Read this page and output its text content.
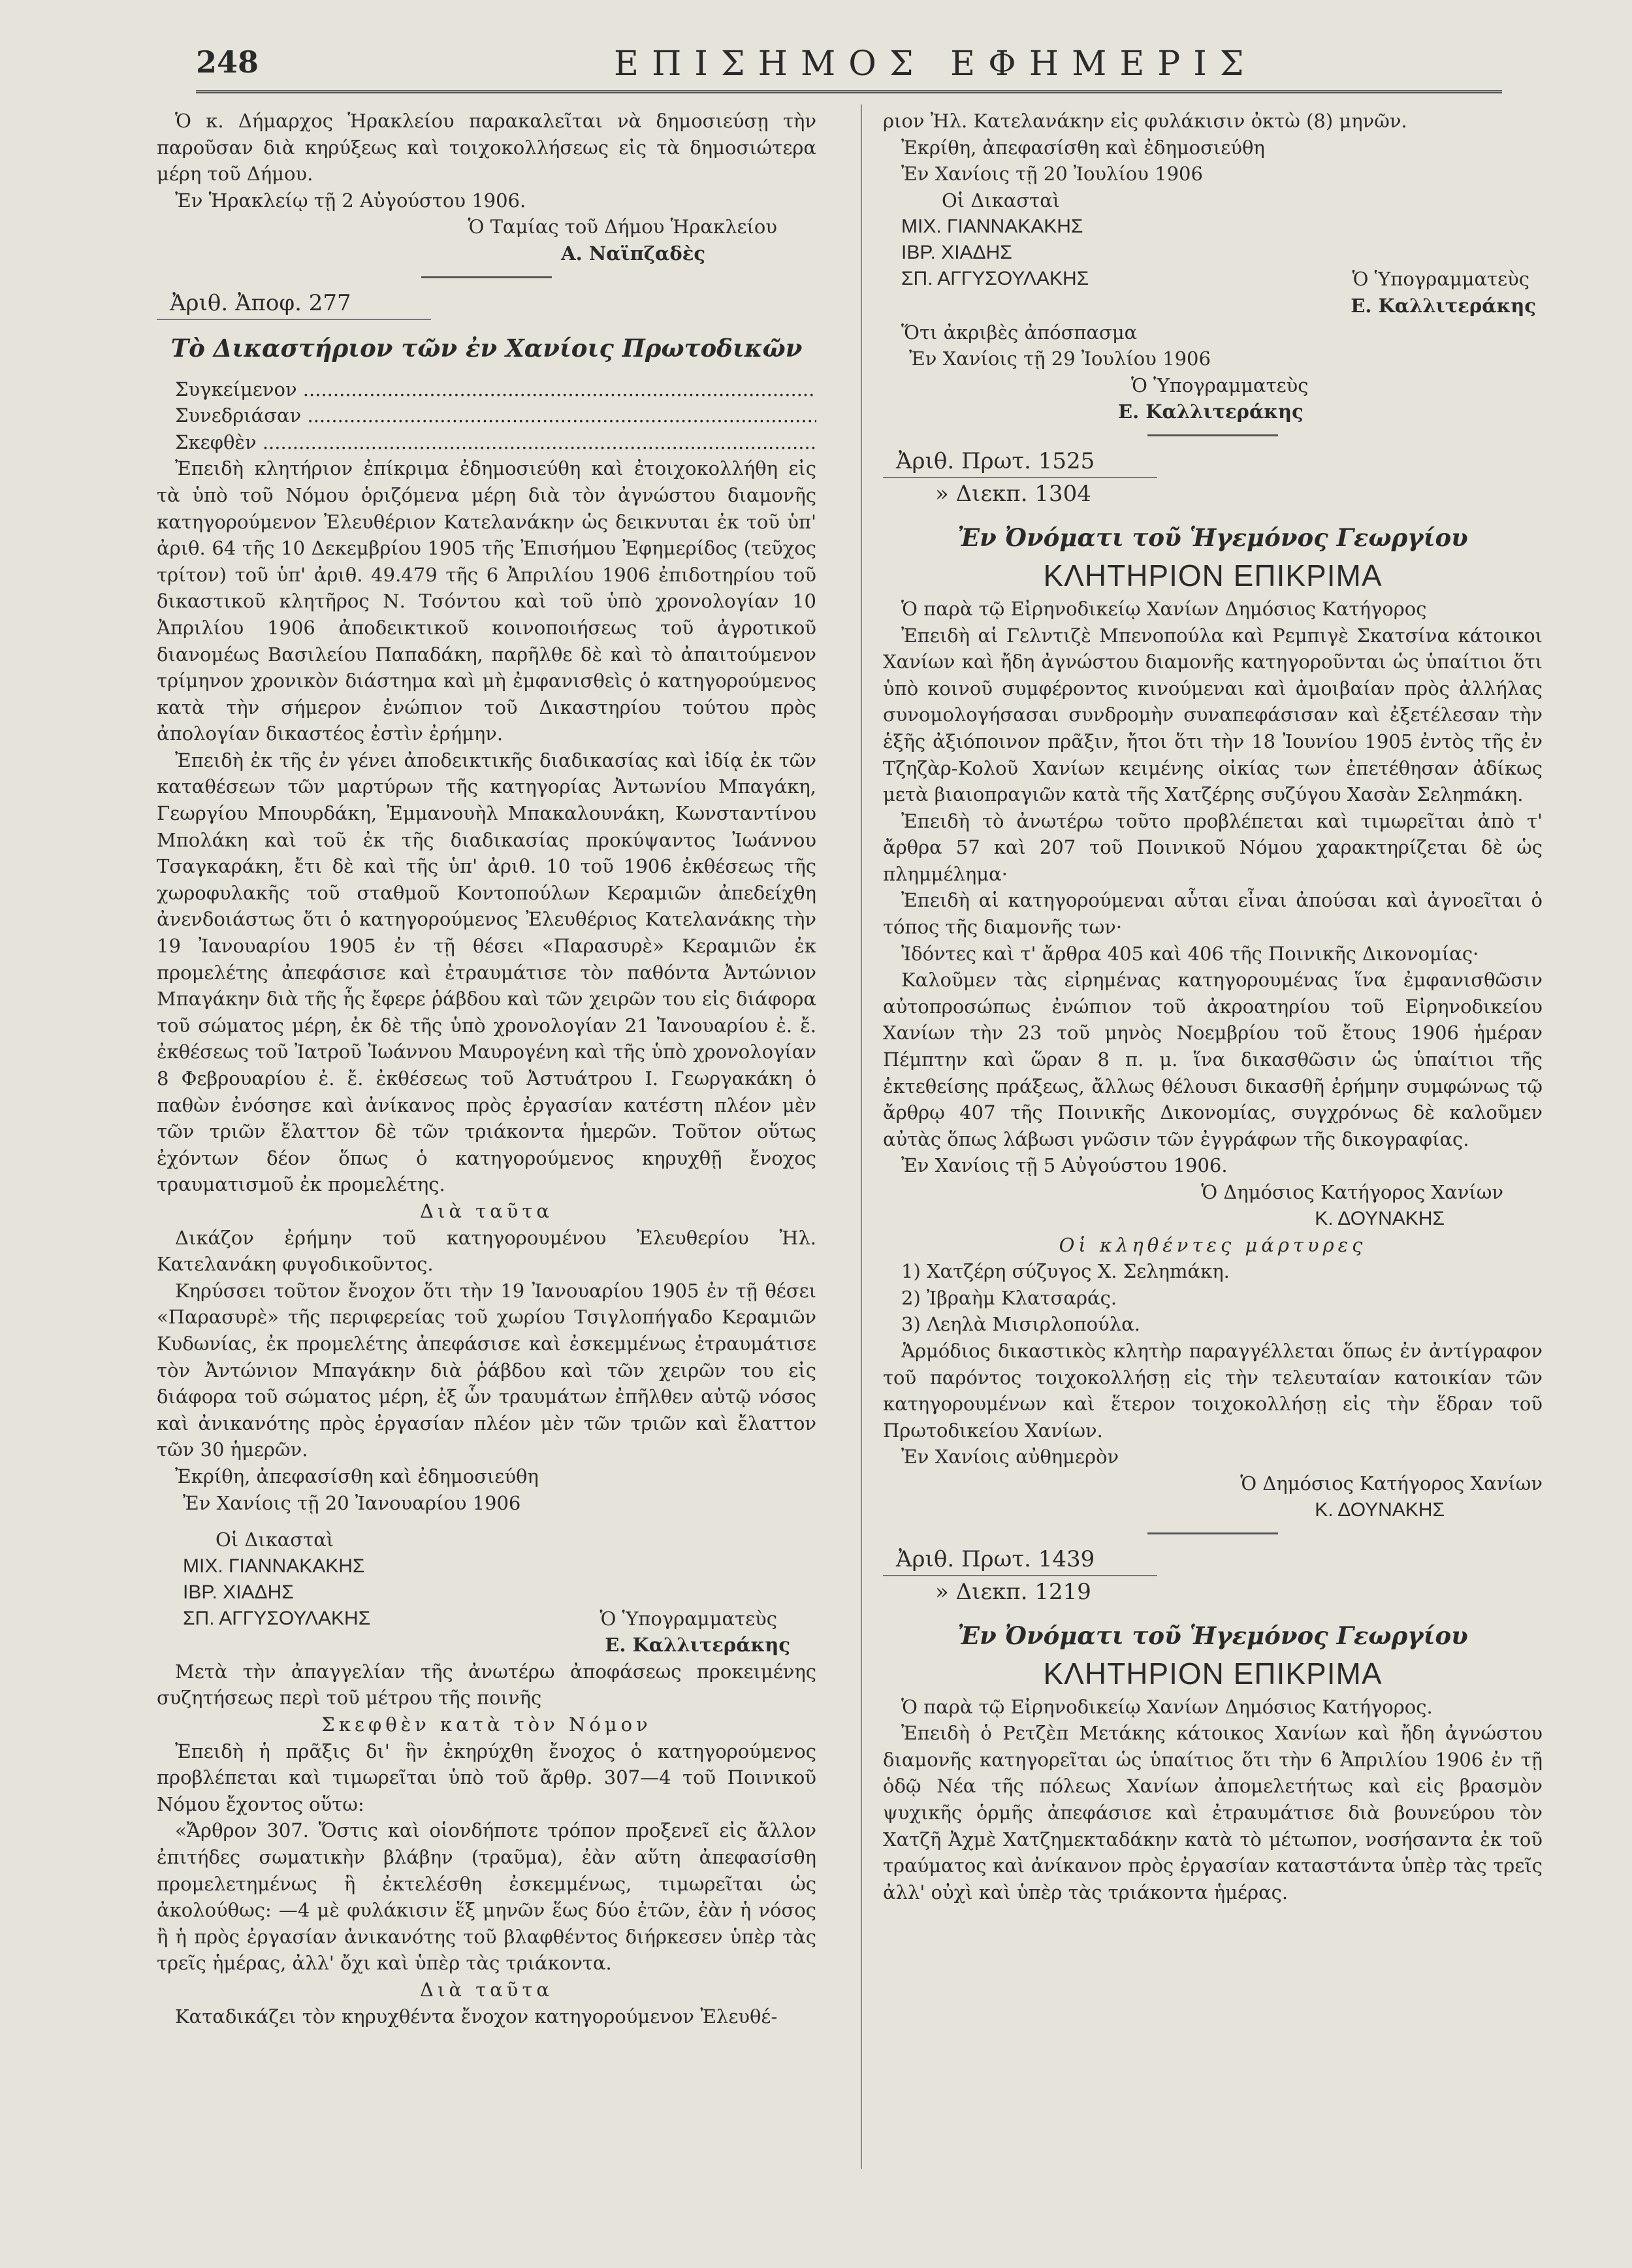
248	ΕΠΙΣΗΜΟΣ ΕΦΗΜΕΡΙΣ

Ὁ κ. Δήμαρχος Ἡρακλείου παρακαλεῖται νὰ δημοσιεύσῃ τὴν παροῦσαν διὰ κηρύξεως καὶ τοιχοκολλήσεως εἰς τὰ δημοσιώτερα μέρη τοῦ Δήμου.

Ἐν Ἡρακλείῳ τῇ 2 Αὐγούστου 1906.

Ὁ Ταμίας τοῦ Δήμου Ἡρακλείου

Α. Ναϊπζαδὲς

Ἀριθ. Ἀποφ. 277

Τὸ Δικαστήριον τῶν ἐν Χανίοις Πρωτοδικῶν

Συγκείμενον .....

Συνεδριάσαν .....

Σκεφθὲν .....

Ἐπειδὴ κλητήριον ἐπίκριμα ἐδημοσιεύθη καὶ ἐτοιχοκολλήθη εἰς τὰ ὑπὸ τοῦ Νόμου ὁριζόμενα μέρη διὰ τὸν ἀγνώστου διαμονῆς κατηγορούμενον Ἐλευθέριον Κατελανάκην ὡς δεικνυται ἐκ τοῦ ὑπ' ἀριθ. 64 τῆς 10 Δεκεμβρίου 1905 τῆς Ἐπισήμου Ἐφημερίδος (τεῦχος τρίτον) τοῦ ὑπ' ἀριθ. 49.479 τῆς 6 Ἀπριλίου 1906 ἐπιδοτηρίου τοῦ δικαστικοῦ κλητῆρος Ν. Τσόντου καὶ τοῦ ὑπὸ χρονολογίαν 10 Ἀπριλίου 1906 ἀποδεικτικοῦ κοινοποιήσεως τοῦ ἀγροτικοῦ διανομέως Βασιλείου Παπαδάκη, παρῆλθε δὲ καὶ τὸ ἀπαιτούμενον τρίμηνον χρονικὸν διάστημα καὶ μὴ ἐμφανισθεὶς ὁ κατηγορούμενος κατὰ τὴν σήμερον ἐνώπιον τοῦ Δικαστηρίου τούτου πρὸς ἀπολογίαν δικαστέος ἐστὶν ἐρήμην.

Ἐπειδὴ ἐκ τῆς ἐν γένει ἀποδεικτικῆς διαδικασίας καὶ ἰδίᾳ ἐκ τῶν καταθέσεων τῶν μαρτύρων τῆς κατηγορίας Ἀντωνίου Μπαγάκη, Γεωργίου Μπουρδάκη, Ἐμμανουὴλ Μπακαλουνάκη, Κωνσταντίνου Μπολάκη καὶ τοῦ ἐκ τῆς διαδικασίας προκύψαντος Ἰωάννου Τσαγκαράκη, ἔτι δὲ καὶ τῆς ὑπ' ἀριθ. 10 τοῦ 1906 ἐκθέσεως τῆς χωροφυλακῆς τοῦ σταθμοῦ Κοντοπούλων Κεραμιῶν ἀπεδείχθη ἀνενδοιάστως ὅτι ὁ κατηγορούμενος Ἐλευθέριος Κατελανάκης τὴν 19 Ἰανουαρίου 1905 ἐν τῇ θέσει «Παρασυρὲ» Κεραμιῶν ἐκ προμελέτης ἀπεφάσισε καὶ ἐτραυμάτισε τὸν παθόντα Ἀντώνιον Μπαγάκην διὰ τῆς ἧς ἔφερε ῥάβδου καὶ τῶν χειρῶν του εἰς διάφορα τοῦ σώματος μέρη, ἐκ δὲ τῆς ὑπὸ χρονολογίαν 21 Ἰανουαρίου ἐ. ἔ. ἐκθέσεως τοῦ Ἰατροῦ Ἰωάννου Μαυρογένη καὶ τῆς ὑπὸ χρονολογίαν 8 Φεβρουαρίου ἐ. ἔ. ἐκθέσεως τοῦ Ἀστυάτρου Ι. Γεωργακάκη ὁ παθὼν ἐνόσησε καὶ ἀνίκανος πρὸς ἐργασίαν κατέστη πλέον μὲν τῶν τριῶν ἔλαττον δὲ τῶν τριάκοντα ἡμερῶν. Τοῦτον οὕτως ἐχόντων δέον ὅπως ὁ κατηγορούμενος κηρυχθῇ ἔνοχος τραυματισμοῦ ἐκ προμελέτης.

Διὰ ταῦτα

Δικάζον ἐρήμην τοῦ κατηγορουμένου Ἐλευθερίου Ἠλ. Κατελανάκη φυγοδικοῦντος.

Κηρύσσει τοῦτον ἔνοχον ὅτι τὴν 19 Ἰανουαρίου 1905 ἐν τῇ θέσει «Παρασυρὲ» τῆς περιφερείας τοῦ χωρίου Τσιγλοπήγαδο Κεραμιῶν Κυδωνίας, ἐκ προμελέτης ἀπεφάσισε καὶ ἐσκεμμένως ἐτραυμάτισε τὸν Ἀντώνιον Μπαγάκην διὰ ῥάβδου καὶ τῶν χειρῶν του εἰς διάφορα τοῦ σώματος μέρη, ἐξ ὧν τραυμάτων ἐπῆλθεν αὐτῷ νόσος καὶ ἀνικανότης πρὸς ἐργασίαν πλέον μὲν τῶν τριῶν καὶ ἔλαττον τῶν 30 ἡμερῶν.

Ἐκρίθη, ἀπεφασίσθη καὶ ἐδημοσιεύθη

Ἐν Χανίοις τῇ 20 Ἰανουαρίου 1906

Οἱ Δικασταὶ

ΜΙΧ. ΓΙΑΝΝΑΚΑΚΗΣ

ΙΒΡ. ΧΙΑΔΗΣ

ΣΠ. ΑΓΓΥΣΟΥΛΑΚΗΣ	Ὁ Ὑπογραμματεὺς

Ε. Καλλιτεράκης

Μετὰ τὴν ἀπαγγελίαν τῆς ἀνωτέρω ἀποφάσεως προκειμένης συζητήσεως περὶ τοῦ μέτρου τῆς ποινῆς

Σκεφθὲν κατὰ τὸν Νόμον

Ἐπειδὴ ἡ πρᾶξις δι' ἣν ἐκηρύχθη ἔνοχος ὁ κατηγορούμενος προβλέπεται καὶ τιμωρεῖται ὑπὸ τοῦ ἄρθρ. 307—4 τοῦ Ποινικοῦ Νόμου ἔχοντος οὕτω:

«Ἄρθρον 307. Ὅστις καὶ οἱονδήποτε τρόπον προξενεῖ εἰς ἄλλον ἐπιτήδες σωματικὴν βλάβην (τραῦμα), ἐὰν αὕτη ἀπεφασίσθη προμελετημένως ἢ ἐκτελέσθη ἐσκεμμένως, τιμωρεῖται ὡς ἀκολούθως: —4 μὲ φυλάκισιν ἕξ μηνῶν ἕως δύο ἐτῶν, ἐὰν ἡ νόσος ἢ ἡ πρὸς ἐργασίαν ἀνικανότης τοῦ βλαφθέντος διήρκεσεν ὑπὲρ τὰς τρεῖς ἡμέρας, ἀλλ' ὄχι καὶ ὑπὲρ τὰς τριάκοντα.

Διὰ ταῦτα

Καταδικάζει τὸν κηρυχθέντα ἔνοχον κατηγορούμενον Ἐλευθέ-

ριον Ἠλ. Κατελανάκην εἰς φυλάκισιν ὀκτὼ (8) μηνῶν.

Ἐκρίθη, ἀπεφασίσθη καὶ ἐδημοσιεύθη

Ἐν Χανίοις τῇ 20 Ἰουλίου 1906

Οἱ Δικασταὶ

ΜΙΧ. ΓΙΑΝΝΑΚΑΚΗΣ

ΙΒΡ. ΧΙΑΔΗΣ

ΣΠ. ΑΓΓΥΣΟΥΛΑΚΗΣ	Ὁ Ὑπογραμματεὺς

Ε. Καλλιτεράκης

Ὅτι ἀκριβὲς ἀπόσπασμα

Ἐν Χανίοις τῇ 29 Ἰουλίου 1906

Ὁ Ὑπογραμματεὺς

Ε. Καλλιτεράκης

Ἀριθ. Πρωτ. 1525

» Διεκπ. 1304

Ἐν Ὀνόματι τοῦ Ἡγεμόνος Γεωργίου

ΚΛΗΤΗΡΙΟΝ ΕΠΙΚΡΙΜΑ

Ὁ παρὰ τῷ Εἰρηνοδικείῳ Χανίων Δημόσιος Κατήγορος

Ἐπειδὴ αἱ Γελντιζὲ Μπενοπούλα καὶ Ρεμπιγὲ Σκατσίνα κάτοικοι Χανίων καὶ ἤδη ἀγνώστου διαμονῆς κατηγοροῦνται ὡς ὑπαίτιοι ὅτι ὑπὸ κοινοῦ συμφέροντος κινούμεναι καὶ ἀμοιβαίαν πρὸς ἀλλήλας συνομολογήσασαι συνδρομὴν συναπεφάσισαν καὶ ἐξετέλεσαν τὴν ἑξῆς ἀξιόποινον πρᾶξιν, ἤτοι ὅτι τὴν 18 Ἰουνίου 1905 ἐντὸς τῆς ἐν Τζηζὰρ-Κολοῦ Χανίων κειμένης οἰκίας των ἐπετέθησαν ἀδίκως μετὰ βιαιοπραγιῶν κατὰ τῆς Χατζέρης συζύγου Χασὰν Σεληmάκη.

Ἐπειδὴ τὸ ἀνωτέρω τοῦτο προβλέπεται καὶ τιμωρεῖται ἀπὸ τ' ἄρθρα 57 καὶ 207 τοῦ Ποινικοῦ Νόμου χαρακτηρίζεται δὲ ὡς πλημμέλημα·

Ἐπειδὴ αἱ κατηγορούμεναι αὗται εἶναι ἀπούσαι καὶ ἀγνοεῖται ὁ τόπος τῆς διαμονῆς των·

Ἰδόντες καὶ τ' ἄρθρα 405 καὶ 406 τῆς Ποινικῆς Δικονομίας·

Καλοῦμεν τὰς εἰρημένας κατηγορουμένας ἵνα ἐμφανισθῶσιν αὐτοπροσώπως ἐνώπιον τοῦ ἀκροατηρίου τοῦ Εἰρηνοδικείου Χανίων τὴν 23 τοῦ μηνὸς Νοεμβρίου τοῦ ἔτους 1906 ἡμέραν Πέμπτην καὶ ὥραν 8 π. μ. ἵνα δικασθῶσιν ὡς ὑπαίτιοι τῆς ἐκτεθείσης πράξεως, ἄλλως θέλουσι δικασθῆ ἐρήμην συμφώνως τῷ ἄρθρῳ 407 τῆς Ποινικῆς Δικονομίας, συγχρόνως δὲ καλοῦμεν αὐτὰς ὅπως λάβωσι γνῶσιν τῶν ἐγγράφων τῆς δικογραφίας.

Ἐν Χανίοις τῇ 5 Αὐγούστου 1906.

Ὁ Δημόσιος Κατήγορος Χανίων

Κ. ΔΟΥΝΑΚΗΣ

Οἱ κληθέντες μάρτυρες

1) Χατζέρη σύζυγος Χ. Σεληmάκη.

2) Ἰβραὴμ Κλατσαράς.

3) Λεηλὰ Μισιρλοπούλα.

Ἁρμόδιος δικαστικὸς κλητὴρ παραγγέλλεται ὅπως ἐν ἀντίγραφον τοῦ παρόντος τοιχοκολλήσῃ εἰς τὴν τελευταίαν κατοικίαν τῶν κατηγορουμένων καὶ ἕτερον τοιχοκολλήσῃ εἰς τὴν ἕδραν τοῦ Πρωτοδικείου Χανίων.

Ἐν Χανίοις αὐθημερὸν

Ὁ Δημόσιος Κατήγορος Χανίων

Κ. ΔΟΥΝΑΚΗΣ

Ἀριθ. Πρωτ. 1439

» Διεκπ. 1219

Ἐν Ὀνόματι τοῦ Ἡγεμόνος Γεωργίου

ΚΛΗΤΗΡΙΟΝ ΕΠΙΚΡΙΜΑ

Ὁ παρὰ τῷ Εἰρηνοδικείῳ Χανίων Δημόσιος Κατήγορος.

Ἐπειδὴ ὁ Ρετζὲπ Μετάκης κάτοικος Χανίων καὶ ἤδη ἀγνώστου διαμονῆς κατηγορεῖται ὡς ὑπαίτιος ὅτι τὴν 6 Ἀπριλίου 1906 ἐν τῇ ὁδῷ Νέα τῆς πόλεως Χανίων ἀπομελετήτως καὶ εἰς βρασμὸν ψυχικῆς ὁρμῆς ἀπεφάσισε καὶ ἐτραυμάτισε διὰ βουνεύρου τὸν Χατζῆ Ἀχμὲ Χατζημεκταδάκην κατὰ τὸ μέτωπον, νοσήσαντα ἐκ τοῦ τραύματος καὶ ἀνίκανον πρὸς ἐργασίαν καταστάντα ὑπὲρ τὰς τρεῖς ἀλλ' οὐχὶ καὶ ὑπὲρ τὰς τριάκοντα ἡμέρας.
